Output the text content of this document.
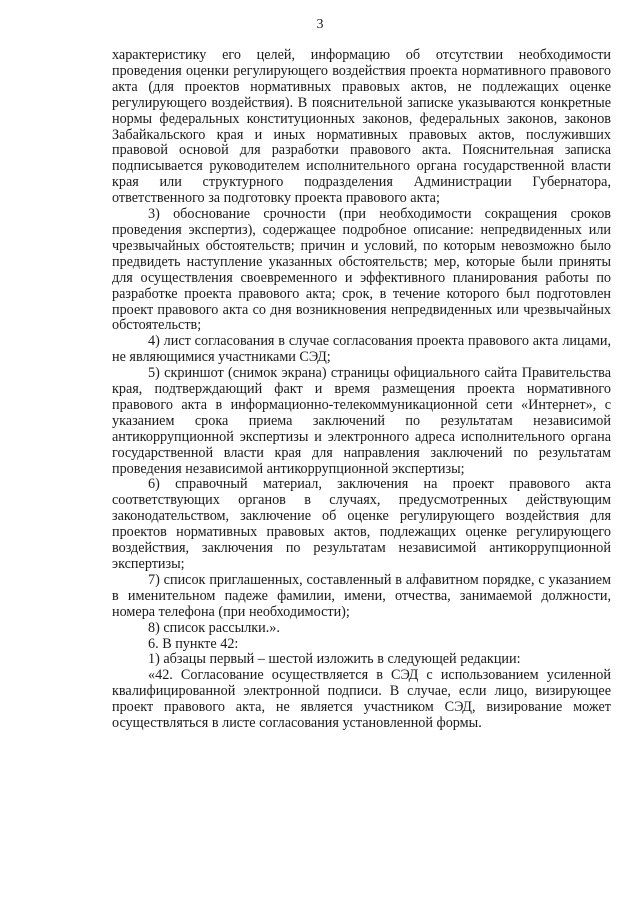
3

характеристику его целей, информацию об отсутствии необходимости проведения оценки регулирующего воздействия проекта нормативного правового акта (для проектов нормативных правовых актов, не подлежащих оценке регулирующего воздействия). В пояснительной записке указываются конкретные нормы федеральных конституционных законов, федеральных законов, законов Забайкальского края и иных нормативных правовых актов, послуживших правовой основой для разработки правового акта. Пояснительная записка подписывается руководителем исполнительного органа государственной власти края или структурного подразделения Администрации Губернатора, ответственного за подготовку проекта правового акта;

3) обоснование срочности (при необходимости сокращения сроков проведения экспертиз), содержащее подробное описание: непредвиденных или чрезвычайных обстоятельств; причин и условий, по которым невозможно было предвидеть наступление указанных обстоятельств; мер, которые были приняты для осуществления своевременного и эффективного планирования работы по разработке проекта правового акта; срок, в течение которого был подготовлен проект правового акта со дня возникновения непредвиденных или чрезвычайных обстоятельств;

4) лист согласования в случае согласования проекта правового акта лицами, не являющимися участниками СЭД;

5) скриншот (снимок экрана) страницы официального сайта Правительства края, подтверждающий факт и время размещения проекта нормативного правового акта в информационно-телекоммуникационной сети «Интернет», с указанием срока приема заключений по результатам независимой антикоррупционной экспертизы и электронного адреса исполнительного органа государственной власти края для направления заключений по результатам проведения независимой антикоррупционной экспертизы;

6) справочный материал, заключения на проект правового акта соответствующих органов в случаях, предусмотренных действующим законодательством, заключение об оценке регулирующего воздействия для проектов нормативных правовых актов, подлежащих оценке регулирующего воздействия, заключения по результатам независимой антикоррупционной экспертизы;

7) список приглашенных, составленный в алфавитном порядке, с указанием в именительном падеже фамилии, имени, отчества, занимаемой должности, номера телефона (при необходимости);

8) список рассылки.».

6. В пункте 42:

1) абзацы первый – шестой изложить в следующей редакции:

«42. Согласование осуществляется в СЭД с использованием усиленной квалифицированной электронной подписи. В случае, если лицо, визирующее проект правового акта, не является участником СЭД, визирование может осуществляться в листе согласования установленной формы.
